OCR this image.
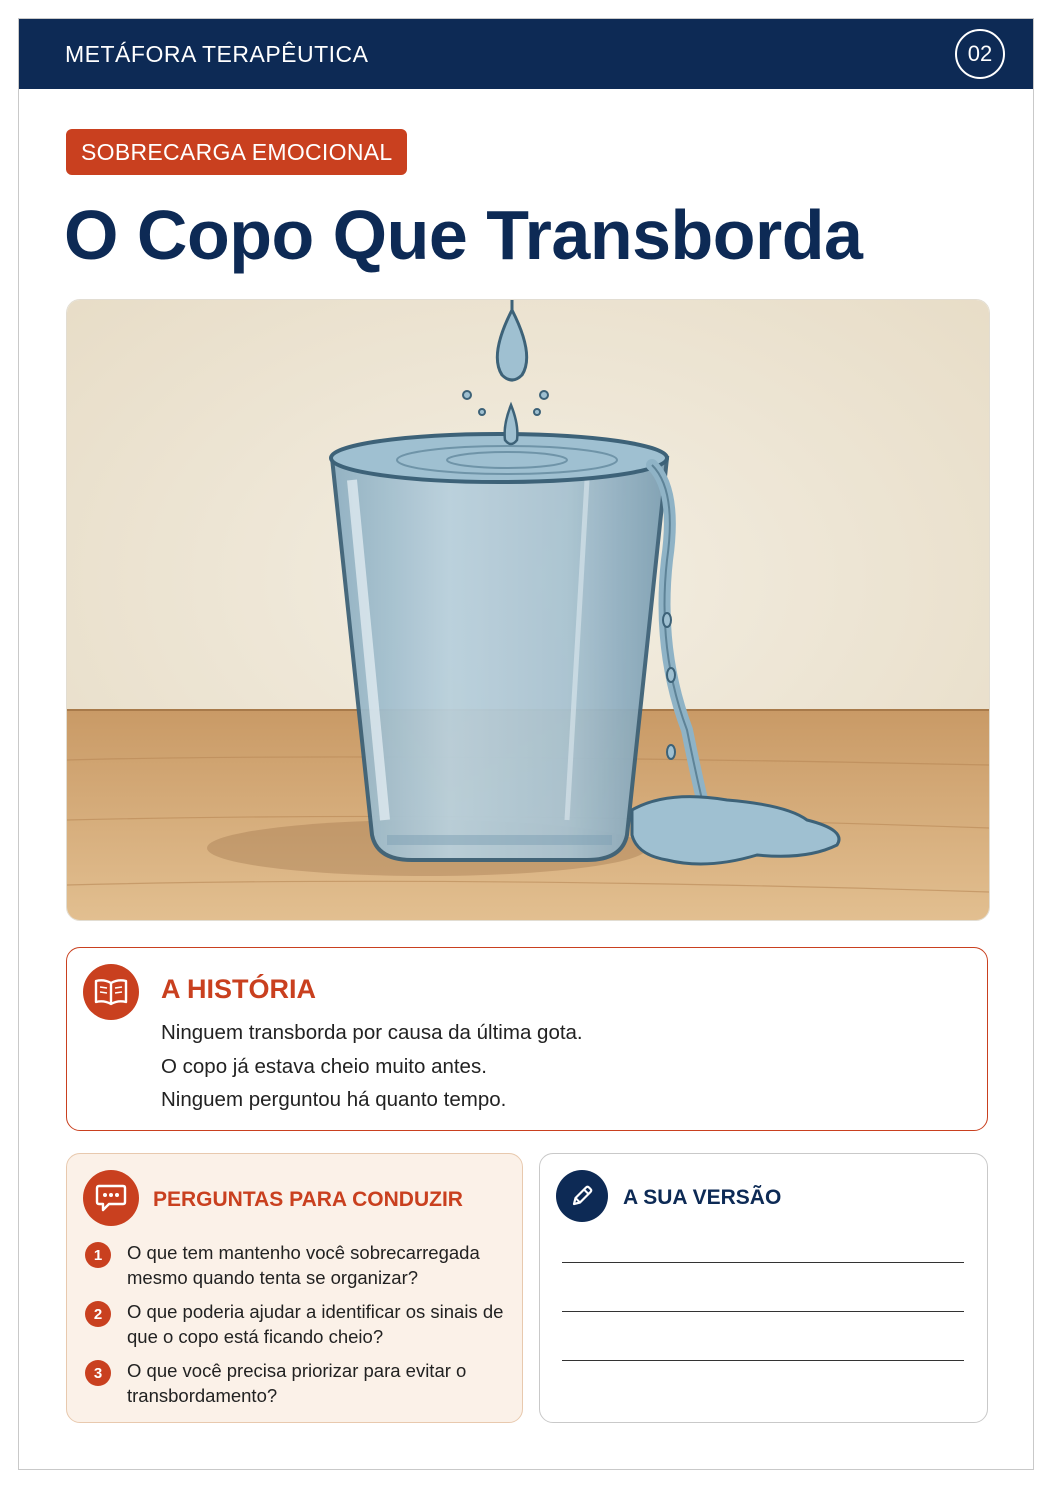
METÁFORA TERAPÊUTICA	02
SOBRECARGA EMOCIONAL
O Copo Que Transborda
A HISTÓRIA
Ninguem transborda por causa da última gota.
O copo já estava cheio muito antes.
Ninguem perguntou há quanto tempo.
PERGUNTAS PARA CONDUZIR
1	O que tem mantenho você sobrecarregada mesmo quando tenta se organizar?
2	O que poderia ajudar a identificar os sinais de que o copo está ficando cheio?
3	O que você precisa priorizar para evitar o transbordamento?
A SUA VERSÃO
